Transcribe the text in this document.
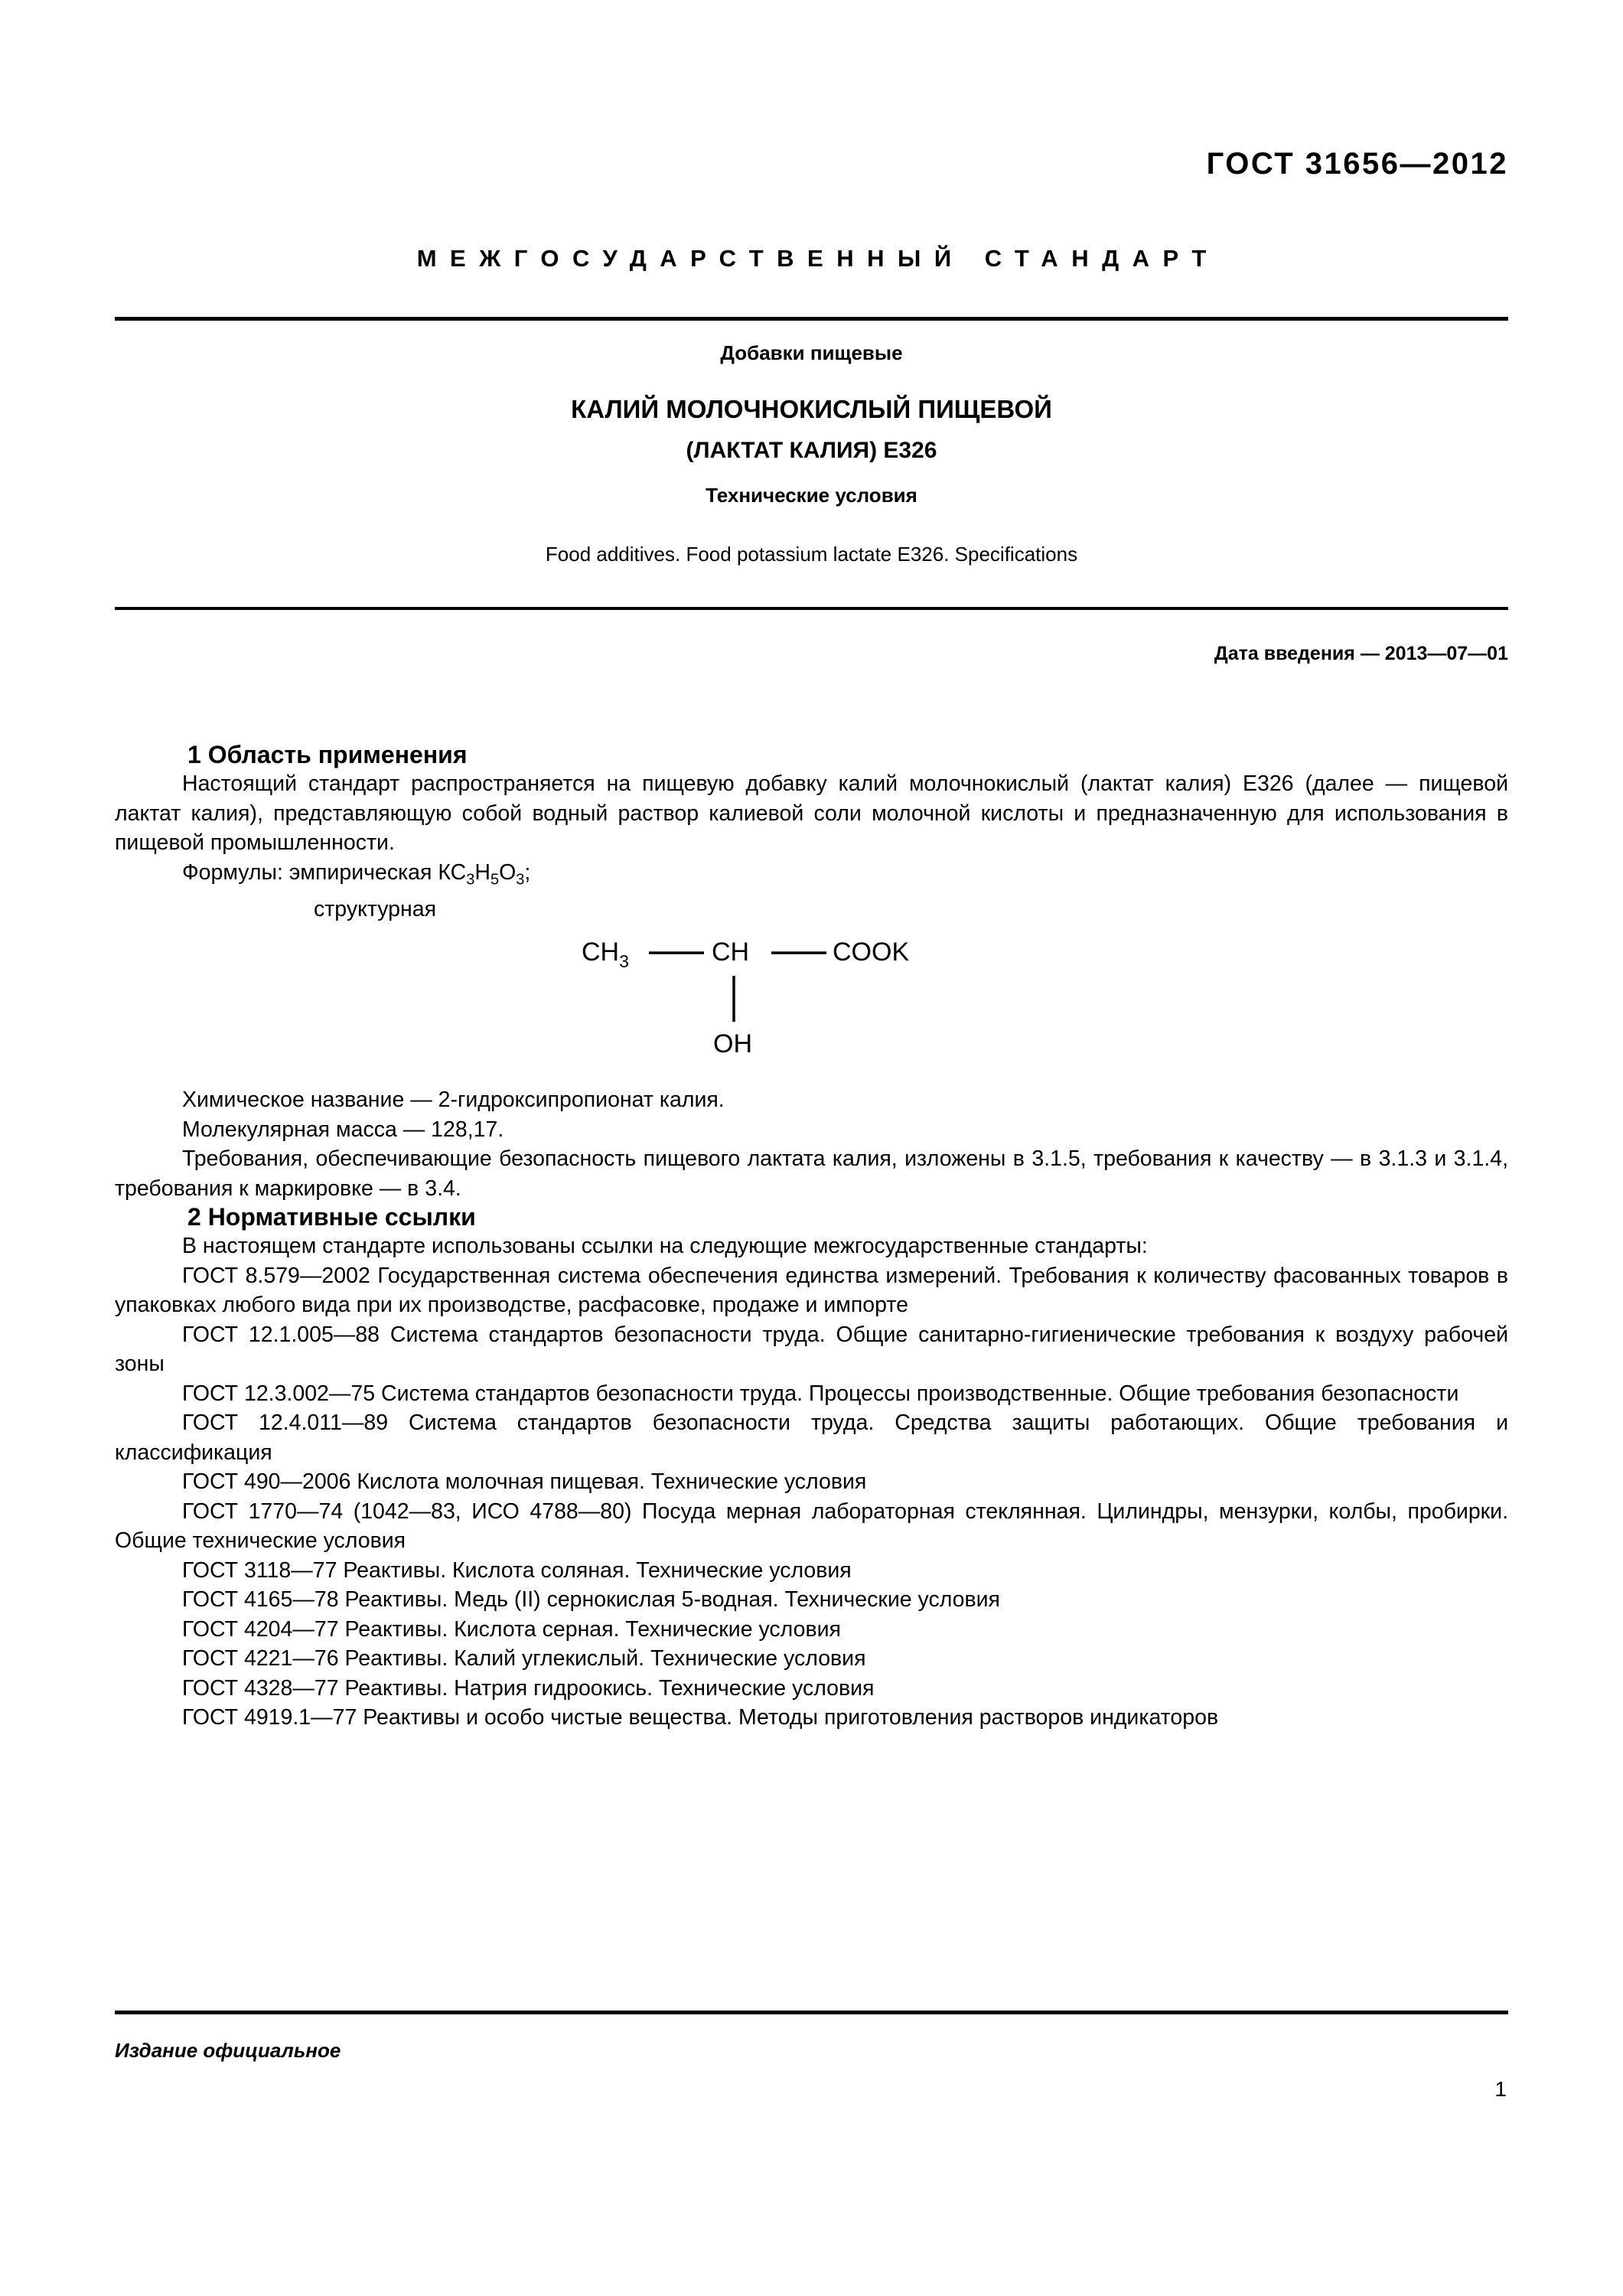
ГОСТ 31656—2012
МЕЖГОСУДАРСТВЕННЫЙ СТАНДАРТ
Добавки пищевые
КАЛИЙ МОЛОЧНОКИСЛЫЙ ПИЩЕВОЙ
(ЛАКТАТ КАЛИЯ) Е326
Технические условия
Food additives. Food potassium lactate E326. Specifications
Дата введения — 2013—07—01
1 Область применения

Настоящий стандарт распространяется на пищевую добавку калий молочнокислый (лактат калия) Е326 (далее — пищевой лактат калия), представляющую собой водный раствор калиевой соли молочной кислоты и предназначенную для использования в пищевой промышленности.

Формулы: эмпирическая $КС_3Н_5О_3$;
структурная
$CH_3$	CH	COOK
OH

Химическое название — 2-гидроксипропионат калия.

Молекулярная масса — 128,17.

Требования, обеспечивающие безопасность пищевого лактата калия, изложены в 3.1.5, требования к качеству — в 3.1.3 и 3.1.4, требования к маркировке — в 3.4.

2 Нормативные ссылки

В настоящем стандарте использованы ссылки на следующие межгосударственные стандарты:

ГОСТ 8.579—2002 Государственная система обеспечения единства измерений. Требования к количеству фасованных товаров в упаковках любого вида при их производстве, расфасовке, продаже и импорте

ГОСТ 12.1.005—88 Система стандартов безопасности труда. Общие санитарно-гигиенические требования к воздуху рабочей зоны

ГОСТ 12.3.002—75 Система стандартов безопасности труда. Процессы производственные. Общие требования безопасности

ГОСТ 12.4.011—89 Система стандартов безопасности труда. Средства защиты работающих. Общие требования и классификация

ГОСТ 490—2006 Кислота молочная пищевая. Технические условия

ГОСТ 1770—74 (1042—83, ИСО 4788—80) Посуда мерная лабораторная стеклянная. Цилиндры, мензурки, колбы, пробирки. Общие технические условия

ГОСТ 3118—77 Реактивы. Кислота соляная. Технические условия

ГОСТ 4165—78 Реактивы. Медь (II) сернокислая 5-водная. Технические условия

ГОСТ 4204—77 Реактивы. Кислота серная. Технические условия

ГОСТ 4221—76 Реактивы. Калий углекислый. Технические условия

ГОСТ 4328—77 Реактивы. Натрия гидроокись. Технические условия

ГОСТ 4919.1—77 Реактивы и особо чистые вещества. Методы приготовления растворов индикаторов

Издание официальное
1
